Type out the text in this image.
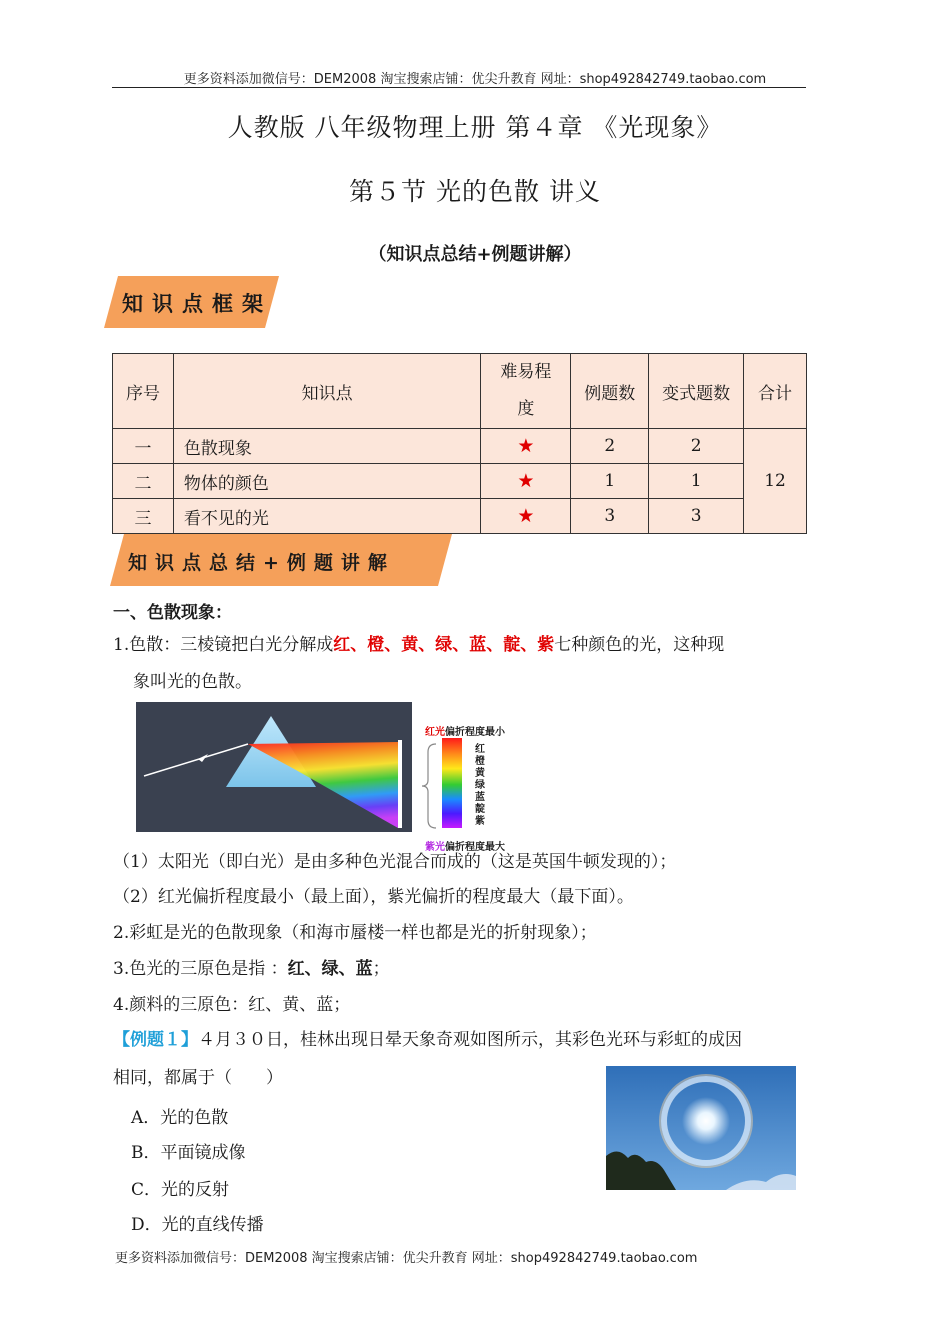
更多资料添加微信号：DEM2008 淘宝搜索店铺：优尖升教育 网址：shop492842749.taobao.com
人教版 八年级物理上册 第４章 《光现象》
第５节 光的色散 讲义
（知识点总结+例题讲解）
知识点框架
序号	知识点	难易程度	例题数	变式题数	合计
一	色散现象	★	2	2	12
二	物体的颜色	★	1	1	
三	看不见的光	★	3	3	
知识点总结+例题讲解
一、色散现象：
1.色散：三棱镜把白光分解成红、橙、黄、绿、蓝、靛、紫七种颜色的光，这种现
象叫光的色散。
红光偏折程度最小
紫光偏折程度最大
红
橙
黄
绿
蓝
靛
紫
（1）太阳光（即白光）是由多种色光混合而成的（这是英国牛顿发现的）；
（2）红光偏折程度最小（最上面），紫光偏折的程度最大（最下面）。
2.彩虹是光的色散现象（和海市蜃楼一样也都是光的折射现象）；
3.色光的三原色是指 ：红、绿、蓝；
4.颜料的三原色：红、黄、蓝；
【例题１】４月３０日，桂林出现日晕天象奇观如图所示，其彩色光环与彩虹的成因
相同，都属于（　　）
A．光的色散
B．平面镜成像
C．光的反射
D．光的直线传播
更多资料添加微信号：DEM2008 淘宝搜索店铺：优尖升教育 网址：shop492842749.taobao.com
